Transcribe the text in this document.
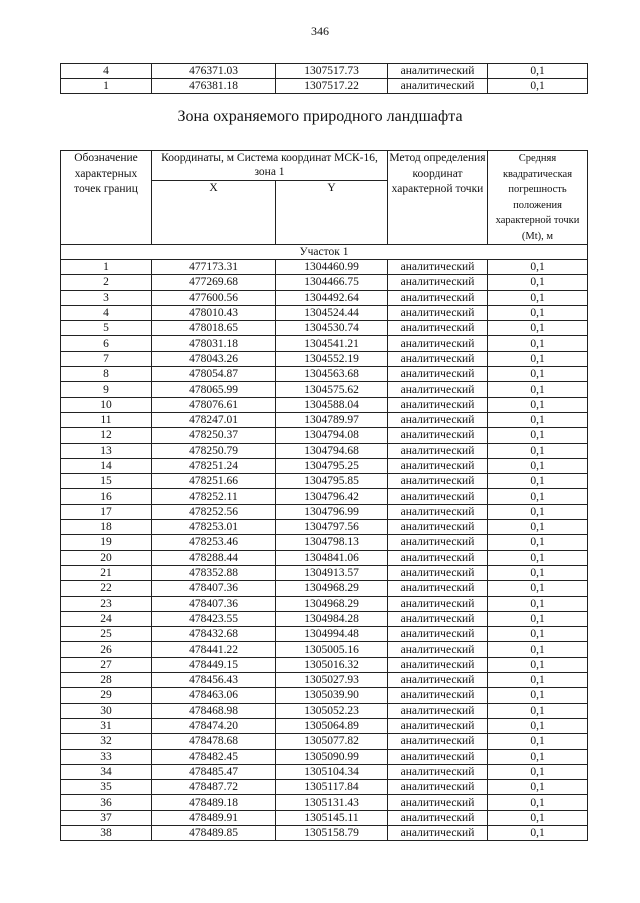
346
4	476371.03	1307517.73	аналитический	0,1
1	476381.18	1307517.22	аналитический	0,1
Зона охраняемого природного ландшафта
Обозначение характерных точек границ	Координаты, м Система координат МСК-16, зона 1		Метод определения координат характерной точки	Средняя квадратическая погрешность положения характерной точки (Mt), м
	X	Y		
Участок 1				
1	477173.31	1304460.99	аналитический	0,1
2	477269.68	1304466.75	аналитический	0,1
3	477600.56	1304492.64	аналитический	0,1
4	478010.43	1304524.44	аналитический	0,1
5	478018.65	1304530.74	аналитический	0,1
6	478031.18	1304541.21	аналитический	0,1
7	478043.26	1304552.19	аналитический	0,1
8	478054.87	1304563.68	аналитический	0,1
9	478065.99	1304575.62	аналитический	0,1
10	478076.61	1304588.04	аналитический	0,1
11	478247.01	1304789.97	аналитический	0,1
12	478250.37	1304794.08	аналитический	0,1
13	478250.79	1304794.68	аналитический	0,1
14	478251.24	1304795.25	аналитический	0,1
15	478251.66	1304795.85	аналитический	0,1
16	478252.11	1304796.42	аналитический	0,1
17	478252.56	1304796.99	аналитический	0,1
18	478253.01	1304797.56	аналитический	0,1
19	478253.46	1304798.13	аналитический	0,1
20	478288.44	1304841.06	аналитический	0,1
21	478352.88	1304913.57	аналитический	0,1
22	478407.36	1304968.29	аналитический	0,1
23	478407.36	1304968.29	аналитический	0,1
24	478423.55	1304984.28	аналитический	0,1
25	478432.68	1304994.48	аналитический	0,1
26	478441.22	1305005.16	аналитический	0,1
27	478449.15	1305016.32	аналитический	0,1
28	478456.43	1305027.93	аналитический	0,1
29	478463.06	1305039.90	аналитический	0,1
30	478468.98	1305052.23	аналитический	0,1
31	478474.20	1305064.89	аналитический	0,1
32	478478.68	1305077.82	аналитический	0,1
33	478482.45	1305090.99	аналитический	0,1
34	478485.47	1305104.34	аналитический	0,1
35	478487.72	1305117.84	аналитический	0,1
36	478489.18	1305131.43	аналитический	0,1
37	478489.91	1305145.11	аналитический	0,1
38	478489.85	1305158.79	аналитический	0,1
